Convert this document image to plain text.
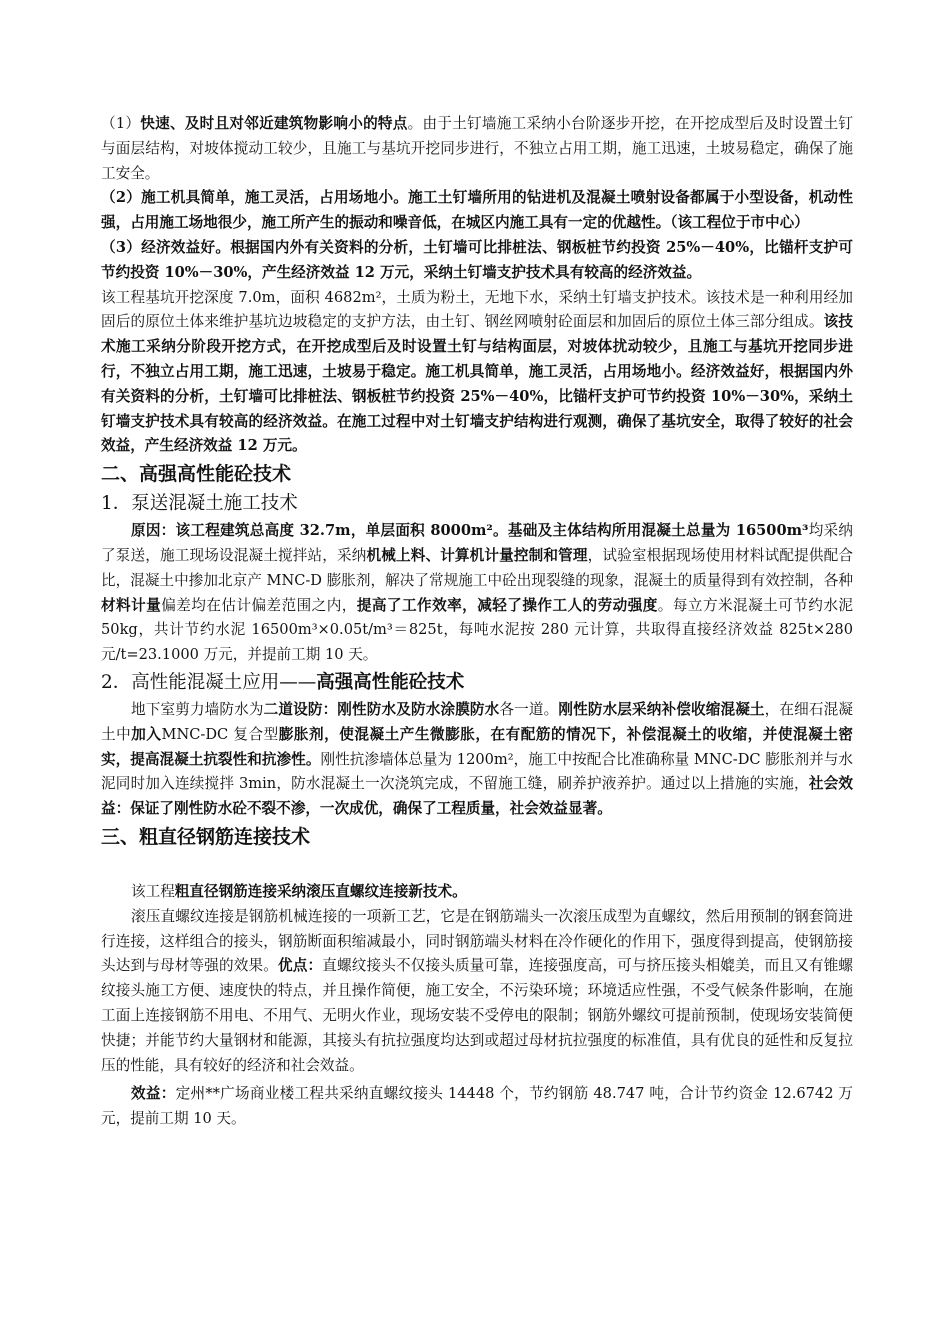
（1）快速、及时且对邻近建筑物影响小的特点。由于土钉墙施工采纳小台阶逐步开挖，在开挖成型后及时设置土钉与面层结构，对坡体搅动工较少，且施工与基坑开挖同步进行，不独立占用工期，施工迅速，土坡易稳定，确保了施工安全。

（2）施工机具简单，施工灵活，占用场地小。施工土钉墙所用的钻进机及混凝土喷射设备都属于小型设备，机动性强，占用施工场地很少，施工所产生的振动和噪音低，在城区内施工具有一定的优越性。（该工程位于市中心）

（3）经济效益好。根据国内外有关资料的分析，土钉墙可比排桩法、钢板桩节约投资 25%－40%，比锚杆支护可节约投资 10%－30%，产生经济效益 12 万元，采纳土钉墙支护技术具有较高的经济效益。

该工程基坑开挖深度 7.0m，面积 4682m²，土质为粉土，无地下水，采纳土钉墙支护技术。该技术是一种利用经加固后的原位土体来维护基坑边坡稳定的支护方法，由土钉、钢丝网喷射砼面层和加固后的原位土体三部分组成。该技术施工采纳分阶段开挖方式，在开挖成型后及时设置土钉与结构面层，对坡体扰动较少，且施工与基坑开挖同步进行，不独立占用工期，施工迅速，土坡易于稳定。施工机具简单，施工灵活，占用场地小。经济效益好，根据国内外有关资料的分析，土钉墙可比排桩法、钢板桩节约投资 25%－40%，比锚杆支护可节约投资 10%－30%，采纳土钉墙支护技术具有较高的经济效益。在施工过程中对土钉墙支护结构进行观测，确保了基坑安全，取得了较好的社会效益，产生经济效益 12 万元。

二、高强高性能砼技术

1．泵送混凝土施工技术

原因：该工程建筑总高度 32.7m，单层面积 8000m²。基础及主体结构所用混凝土总量为 16500m³均采纳了泵送，施工现场设混凝土搅拌站，采纳机械上料、计算机计量控制和管理，试验室根据现场使用材料试配提供配合比，混凝土中掺加北京产 MNC-D 膨胀剂，解决了常规施工中砼出现裂缝的现象，混凝土的质量得到有效控制，各种材料计量偏差均在估计偏差范围之内，提高了工作效率，减轻了操作工人的劳动强度。每立方米混凝土可节约水泥 50kg，共计节约水泥 16500m³×0.05t/m³＝825t，每吨水泥按 280 元计算，共取得直接经济效益 825t×280 元/t=23.1000 万元，并提前工期 10 天。

2．高性能混凝土应用——高强高性能砼技术

地下室剪力墙防水为二道设防：刚性防水及防水涂膜防水各一道。刚性防水层采纳补偿收缩混凝土，在细石混凝土中加入MNC-DC 复合型膨胀剂，使混凝土产生微膨胀，在有配筋的情况下，补偿混凝土的收缩，并使混凝土密实，提高混凝土抗裂性和抗渗性。刚性抗渗墙体总量为 1200m²，施工中按配合比准确称量 MNC-DC 膨胀剂并与水泥同时加入连续搅拌 3min，防水混凝土一次浇筑完成，不留施工缝，刷养护液养护。通过以上措施的实施，社会效益：保证了刚性防水砼不裂不渗，一次成优，确保了工程质量，社会效益显著。

三、粗直径钢筋连接技术

该工程粗直径钢筋连接采纳滚压直螺纹连接新技术。

滚压直螺纹连接是钢筋机械连接的一项新工艺，它是在钢筋端头一次滚压成型为直螺纹，然后用预制的钢套筒进行连接，这样组合的接头，钢筋断面积缩减最小，同时钢筋端头材料在冷作硬化的作用下，强度得到提高，使钢筋接头达到与母材等强的效果。优点：直螺纹接头不仅接头质量可靠，连接强度高，可与挤压接头相媲美，而且又有锥螺纹接头施工方便、速度快的特点，并且操作简便，施工安全，不污染环境；环境适应性强，不受气候条件影响，在施工面上连接钢筋不用电、不用气、无明火作业，现场安装不受停电的限制；钢筋外螺纹可提前预制，使现场安装简便快捷；并能节约大量钢材和能源，其接头有抗拉强度均达到或超过母材抗拉强度的标准值，具有优良的延性和反复拉压的性能，具有较好的经济和社会效益。

效益：定州**广场商业楼工程共采纳直螺纹接头 14448 个，节约钢筋 48.747 吨，合计节约资金 12.6742 万元，提前工期 10 天。
